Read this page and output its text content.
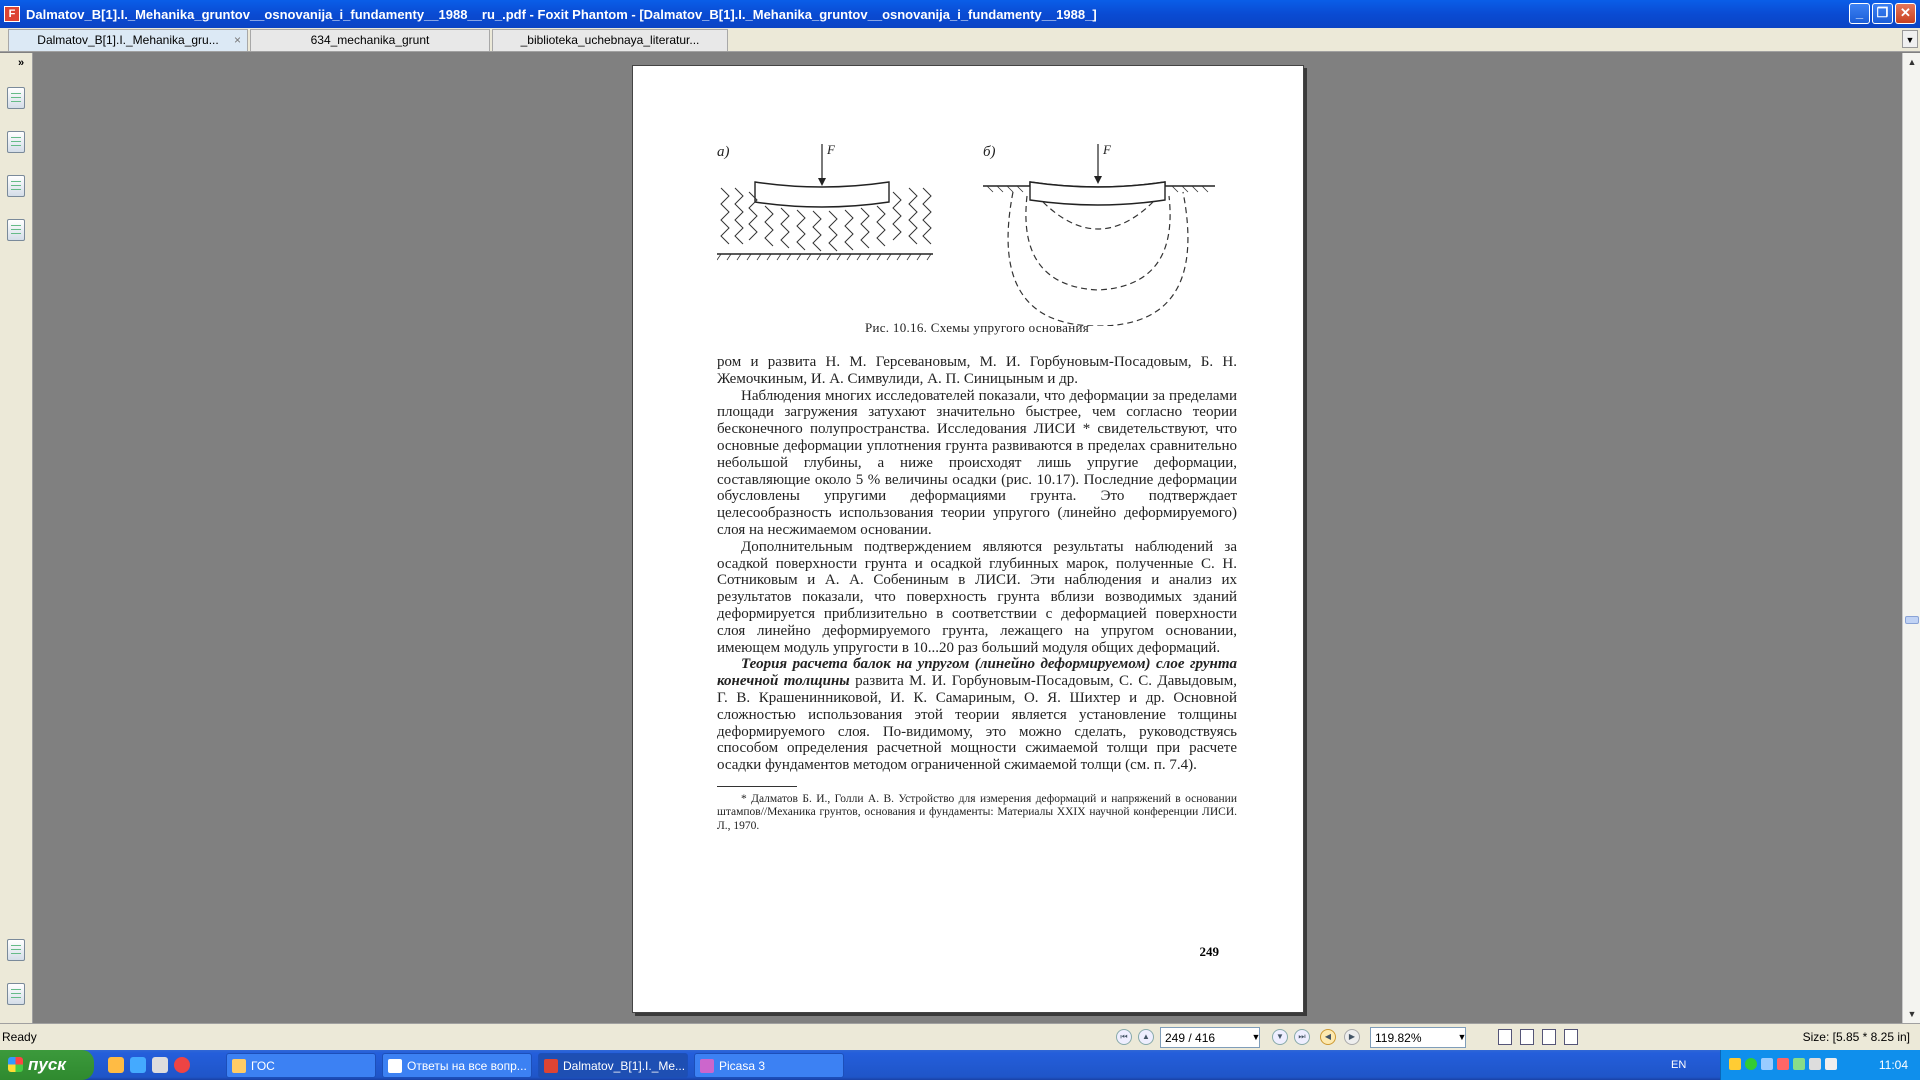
F Dalmatov_B[1].I._Mehanika_gruntov__osnovanija_i_fundamenty__1988__ru_.pdf - Foxit Phantom - [Dalmatov_B[1].I._Mehanika_gruntov__osnovanija_i_fundamenty__1988_]	_	❐ ✕
Dalmatov_B[1].I._Mehanika_gru... ×	634_mechanika_grunt	_biblioteka_uchebnaya_literatur...	▼
»
a)	б)
F	F
Рис. 10.16. Схемы упругого основания

ром и развита Н. М. Герсевановым, М. И. Горбуновым-Посадовым, Б. Н. Жемочкиным, И. А. Симвулиди, А. П. Синицыным и др.

Наблюдения многих исследователей показали, что деформации за пределами площади загружения затухают значительно быстрее, чем согласно теории бесконечного полупространства. Исследования ЛИСИ * свидетельствуют, что основные деформации уплотнения грунта развиваются в пределах сравнительно небольшой глубины, а ниже происходят лишь упругие деформации, составляющие около 5 % величины осадки (рис. 10.17). Последние деформации обусловлены упругими деформациями грунта. Это подтверждает целесообразность использования теории упругого (линейно деформируемого) слоя на несжимаемом основании.

Дополнительным подтверждением являются результаты наблюдений за осадкой поверхности грунта и осадкой глубинных марок, полученные С. Н. Сотниковым и А. А. Собениным в ЛИСИ. Эти наблюдения и анализ их результатов показали, что поверхность грунта вблизи возводимых зданий деформируется приблизительно в соответствии с деформацией поверхности слоя линейно деформируемого грунта, лежащего на упругом основании, имеющем модуль упругости в 10...20 раз больший модуля общих деформаций.

Теория расчета балок на упругом (линейно деформируемом) слое грунта конечной толщины развита М. И. Горбуновым-Посадовым, С. С. Давыдовым, Г. В. Крашенинниковой, И. К. Самариным, О. Я. Шихтер и др. Основной сложностью использования этой теории является установление толщины деформируемого слоя. По-видимому, это можно сделать, руководствуясь способом определения расчетной мощности сжимаемой толщи при расчете осадки фундаментов методом ограниченной сжимаемой толщи (см. п. 7.4).

* Далматов Б. И., Голли А. В. Устройство для измерения деформаций и напряжений в основании штампов//Механика грунтов, основания и фундаменты: Материалы XXIX научной конференции ЛИСИ. Л., 1970.

249
▲
▼
Ready	⏮	▲	249 / 416	▼	▼	⏭	◀	▶	119.82%	▼	Size: [5.85 * 8.25 in]
пуск	ГОС	Ответы на все вопр...	Dalmatov_B[1].I._Me...	Picasa 3	EN	11:04
